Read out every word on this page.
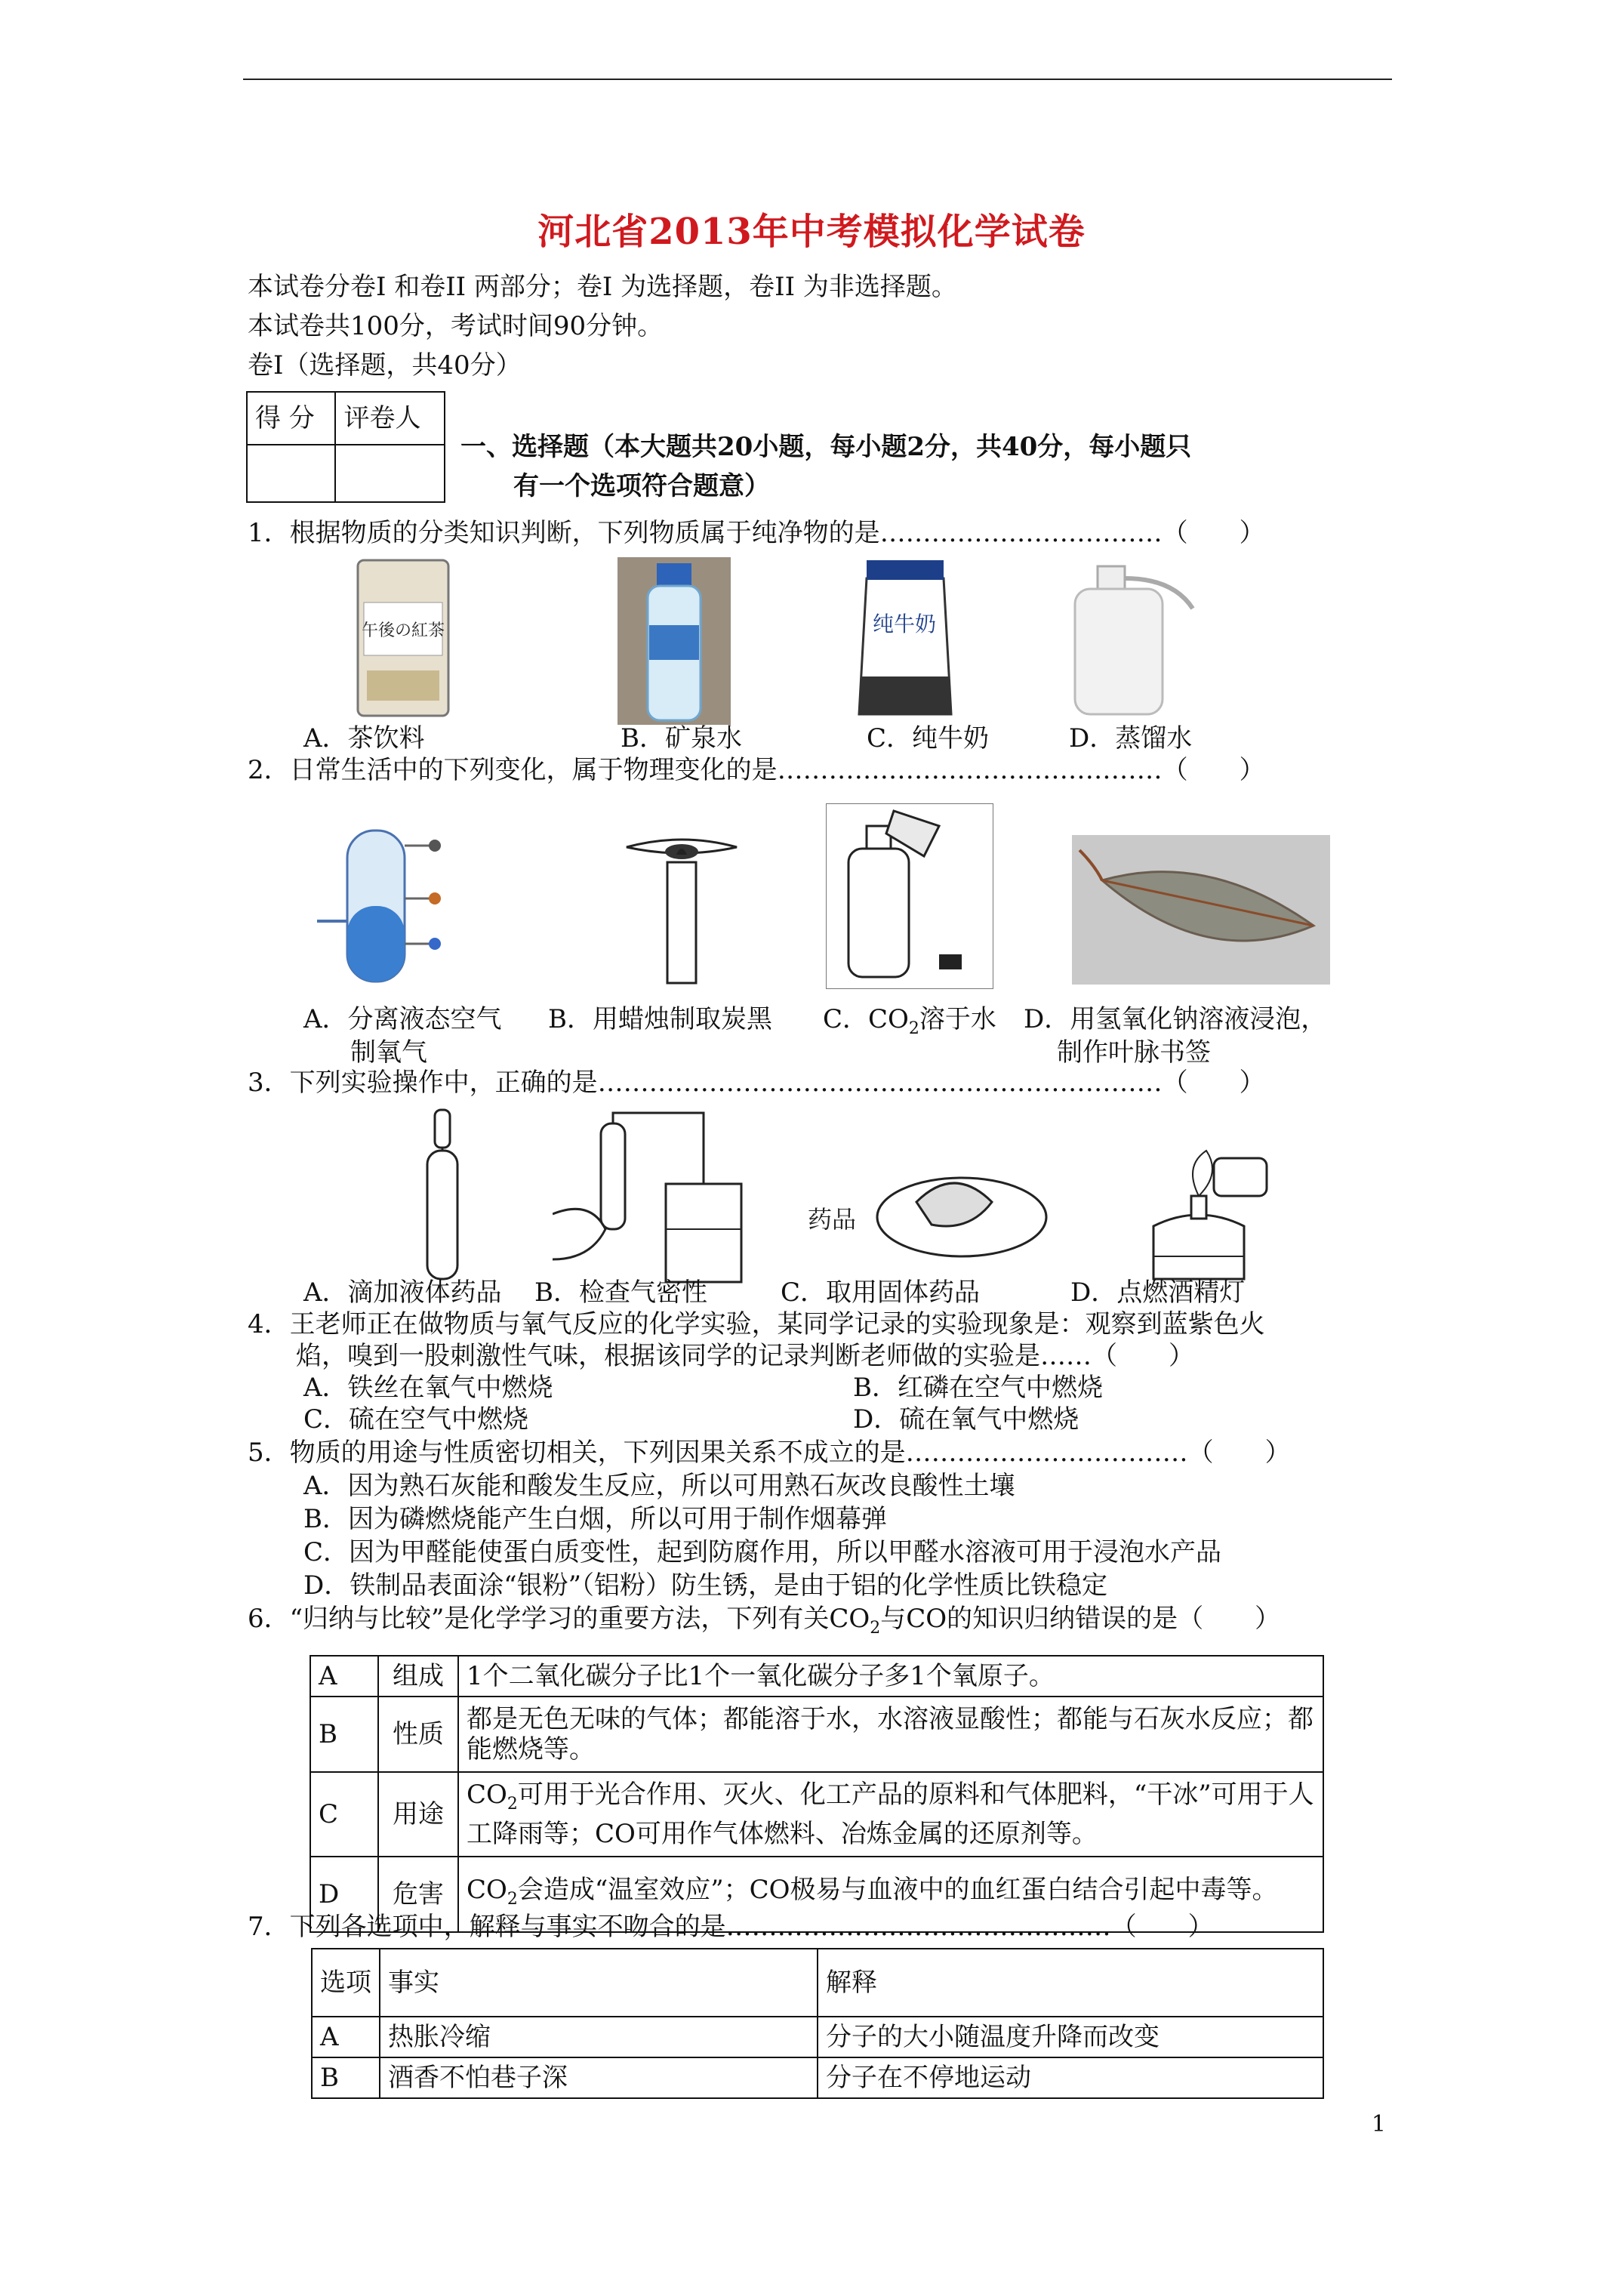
河北省2013年中考模拟化学试卷
本试卷分卷Ⅰ 和卷II 两部分；卷Ⅰ 为选择题，卷II 为非选择题。
本试卷共100分，考试时间90分钟。
卷Ⅰ（选择题，共40分）
得 分	评卷人

一、选择题（本大题共20小题，每小题2分，共40分，每小题只
有一个选项符合题意）
1．根据物质的分类知识判断，下列物质属于纯净物的是……………………………（　　）
午後の紅茶	纯牛奶
A．茶饮料	B．矿泉水	C．纯牛奶	D．蒸馏水
2．日常生活中的下列变化，属于物理变化的是………………………………………（　　）
A．分离液态空气
制氧气
B．用蜡烛制取炭黑 C．$CO_2$溶于水 D．用氢氧化钠溶液浸泡，
制作叶脉书签
3．下列实验操作中，正确的是…………………………………………………………（　　）
药品
A．滴加液体药品 B．检查气密性	C．取用固体药品	D．点燃酒精灯
4．王老师正在做物质与氧气反应的化学实验，某同学记录的实验现象是：观察到蓝紫色火
焰，嗅到一股刺激性气味，根据该同学的记录判断老师做的实验是……（　　）
A．铁丝在氧气中燃烧	B．红磷在空气中燃烧
C．硫在空气中燃烧	D．硫在氧气中燃烧
5．物质的用途与性质密切相关，下列因果关系不成立的是……………………………（　　）
A．因为熟石灰能和酸发生反应，所以可用熟石灰改良酸性土壤
B．因为磷燃烧能产生白烟，所以可用于制作烟幕弹
C．因为甲醛能使蛋白质变性，起到防腐作用，所以甲醛水溶液可用于浸泡水产品
D．铁制品表面涂“银粉”（铝粉）防生锈，是由于铝的化学性质比铁稳定
6．“归纳与比较”是化学学习的重要方法，下列有关$CO_2$与CO的知识归纳错误的是（　　）
A	组成	1个二氧化碳分子比1个一氧化碳分子多1个氧原子。
B	性质	都是无色无味的气体；都能溶于水，水溶液显酸性；都能与石灰水反应；都能燃烧等。
C	用途	$CO_2$可用于光合作用、灭火、化工产品的原料和气体肥料，“干冰”可用于人工降雨等；CO可用作气体燃料、冶炼金属的还原剂等。
D	危害	$CO_2$会造成“温室效应”；CO极易与血液中的血红蛋白结合引起中毒等。
7．下列各选项中，解释与事实不吻合的是………………………………………（　　）
选项	事实	解释
A	热胀冷缩	分子的大小随温度升降而改变
B	酒香不怕巷子深	分子在不停地运动
1
